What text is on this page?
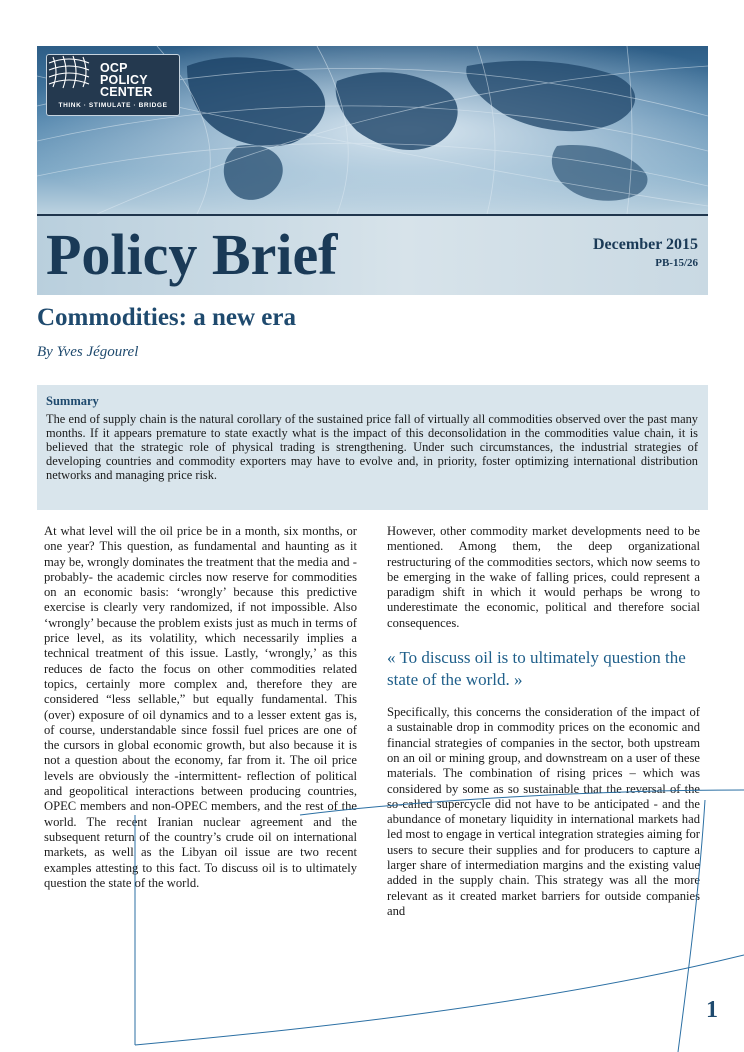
OCP
POLICY
CENTER
THINK · STIMULATE · BRIDGE
Policy Brief	December 2015
PB-15/26
Commodities: a new era
By Yves Jégourel
Summary

The end of supply chain is the natural corollary of the sustained price fall of virtually all commodities observed over the past many months. If it appears premature to state exactly what is the impact of this deconsolidation in the commodities value chain, it is believed that the strategic role of physical trading is strengthening. Under such circumstances, the industrial strategies of developing countries and commodity exporters may have to evolve and, in priority, foster optimizing international distribution networks and managing price risk.

At what level will the oil price be in a month, six months, or one year? This question, as fundamental and haunting as it may be, wrongly dominates the treatment that the media and -probably- the academic circles now reserve for commodities on an economic basis: ‘wrongly’ because this predictive exercise is clearly very randomized, if not impossible. Also ‘wrongly’ because the problem exists just as much in terms of price level, as its volatility, which necessarily implies a technical treatment of this issue. Lastly, ‘wrongly,’ as this reduces de facto the focus on other commodities related topics, certainly more complex and, therefore they are considered “less sellable,” but equally fundamental. This (over) exposure of oil dynamics and to a lesser extent gas is, of course, understandable since fossil fuel prices are one of the cursors in global economic growth, but also because it is not a question about the economy, far from it. The oil price levels are obviously the -intermittent- reflection of political and geopolitical interactions between producing countries, OPEC members and non-OPEC members, and the rest of the world. The recent Iranian nuclear agreement and the subsequent return of the country’s crude oil on international markets, as well as the Libyan oil issue are two recent examples attesting to this fact. To discuss oil is to ultimately question the state of the world.

However, other commodity market developments need to be mentioned. Among them, the deep organizational restructuring of the commodities sectors, which now seems to be emerging in the wake of falling prices, could represent a paradigm shift in which it would perhaps be wrong to underestimate the economic, political and therefore social consequences.

« To discuss oil is to ultimately question the state of the world. »

Specifically, this concerns the consideration of the impact of a sustainable drop in commodity prices on the economic and financial strategies of companies in the sector, both upstream on an oil or mining group, and downstream on a user of these materials. The combination of rising prices – which was considered by some as so sustainable that the reversal of the so-called supercycle did not have to be anticipated - and the abundance of monetary liquidity in international markets had led most to engage in vertical integration strategies aiming for users to secure their supplies and for producers to capture a larger share of intermediation margins and the existing value added in the supply chain. This strategy was all the more relevant as it created market barriers for outside companies and

1
